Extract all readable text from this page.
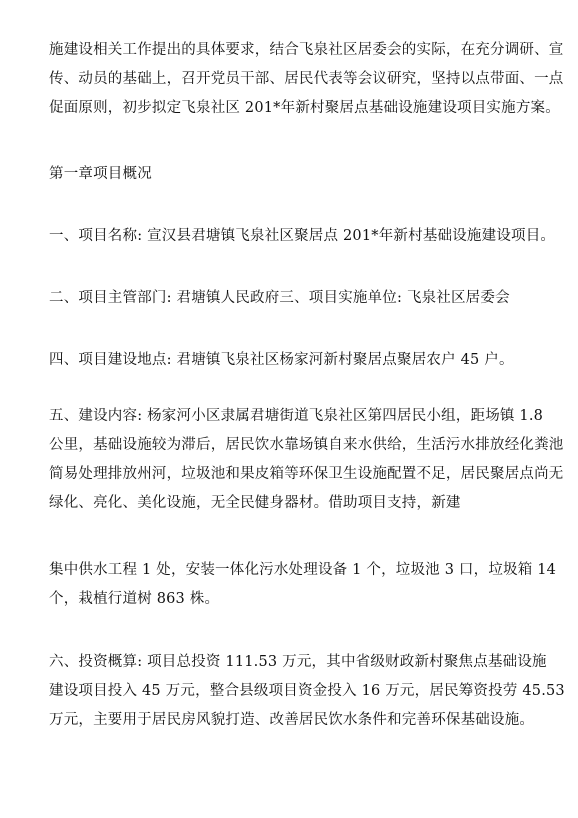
施建设相关工作提出的具体要求，结合飞泉社区居委会的实际，在充分调研、宣
传、动员的基础上，召开党员干部、居民代表等会议研究，坚持以点带面、一点
促面原则，初步拟定飞泉社区 201*年新村聚居点基础设施建设项目实施方案。
第一章项目概况
一、项目名称: 宣汉县君塘镇飞泉社区聚居点 201*年新村基础设施建设项目。
二、项目主管部门: 君塘镇人民政府三、项目实施单位: 飞泉社区居委会
四、项目建设地点: 君塘镇飞泉社区杨家河新村聚居点聚居农户 45 户。
五、建设内容: 杨家河小区隶属君塘街道飞泉社区第四居民小组，距场镇 1.8
公里，基础设施较为滞后，居民饮水靠场镇自来水供给，生活污水排放经化粪池
简易处理排放州河，垃圾池和果皮箱等环保卫生设施配置不足，居民聚居点尚无
绿化、亮化、美化设施，无全民健身器材。借助项目支持，新建
集中供水工程 1 处，安装一体化污水处理设备 1 个，垃圾池 3 口，垃圾箱 14
个，栽植行道树 863 株。
六、投资概算: 项目总投资 111.53 万元，其中省级财政新村聚焦点基础设施
建设项目投入 45 万元，整合县级项目资金投入 16 万元，居民筹资投劳 45.53
万元，主要用于居民房风貌打造、改善居民饮水条件和完善环保基础设施。
